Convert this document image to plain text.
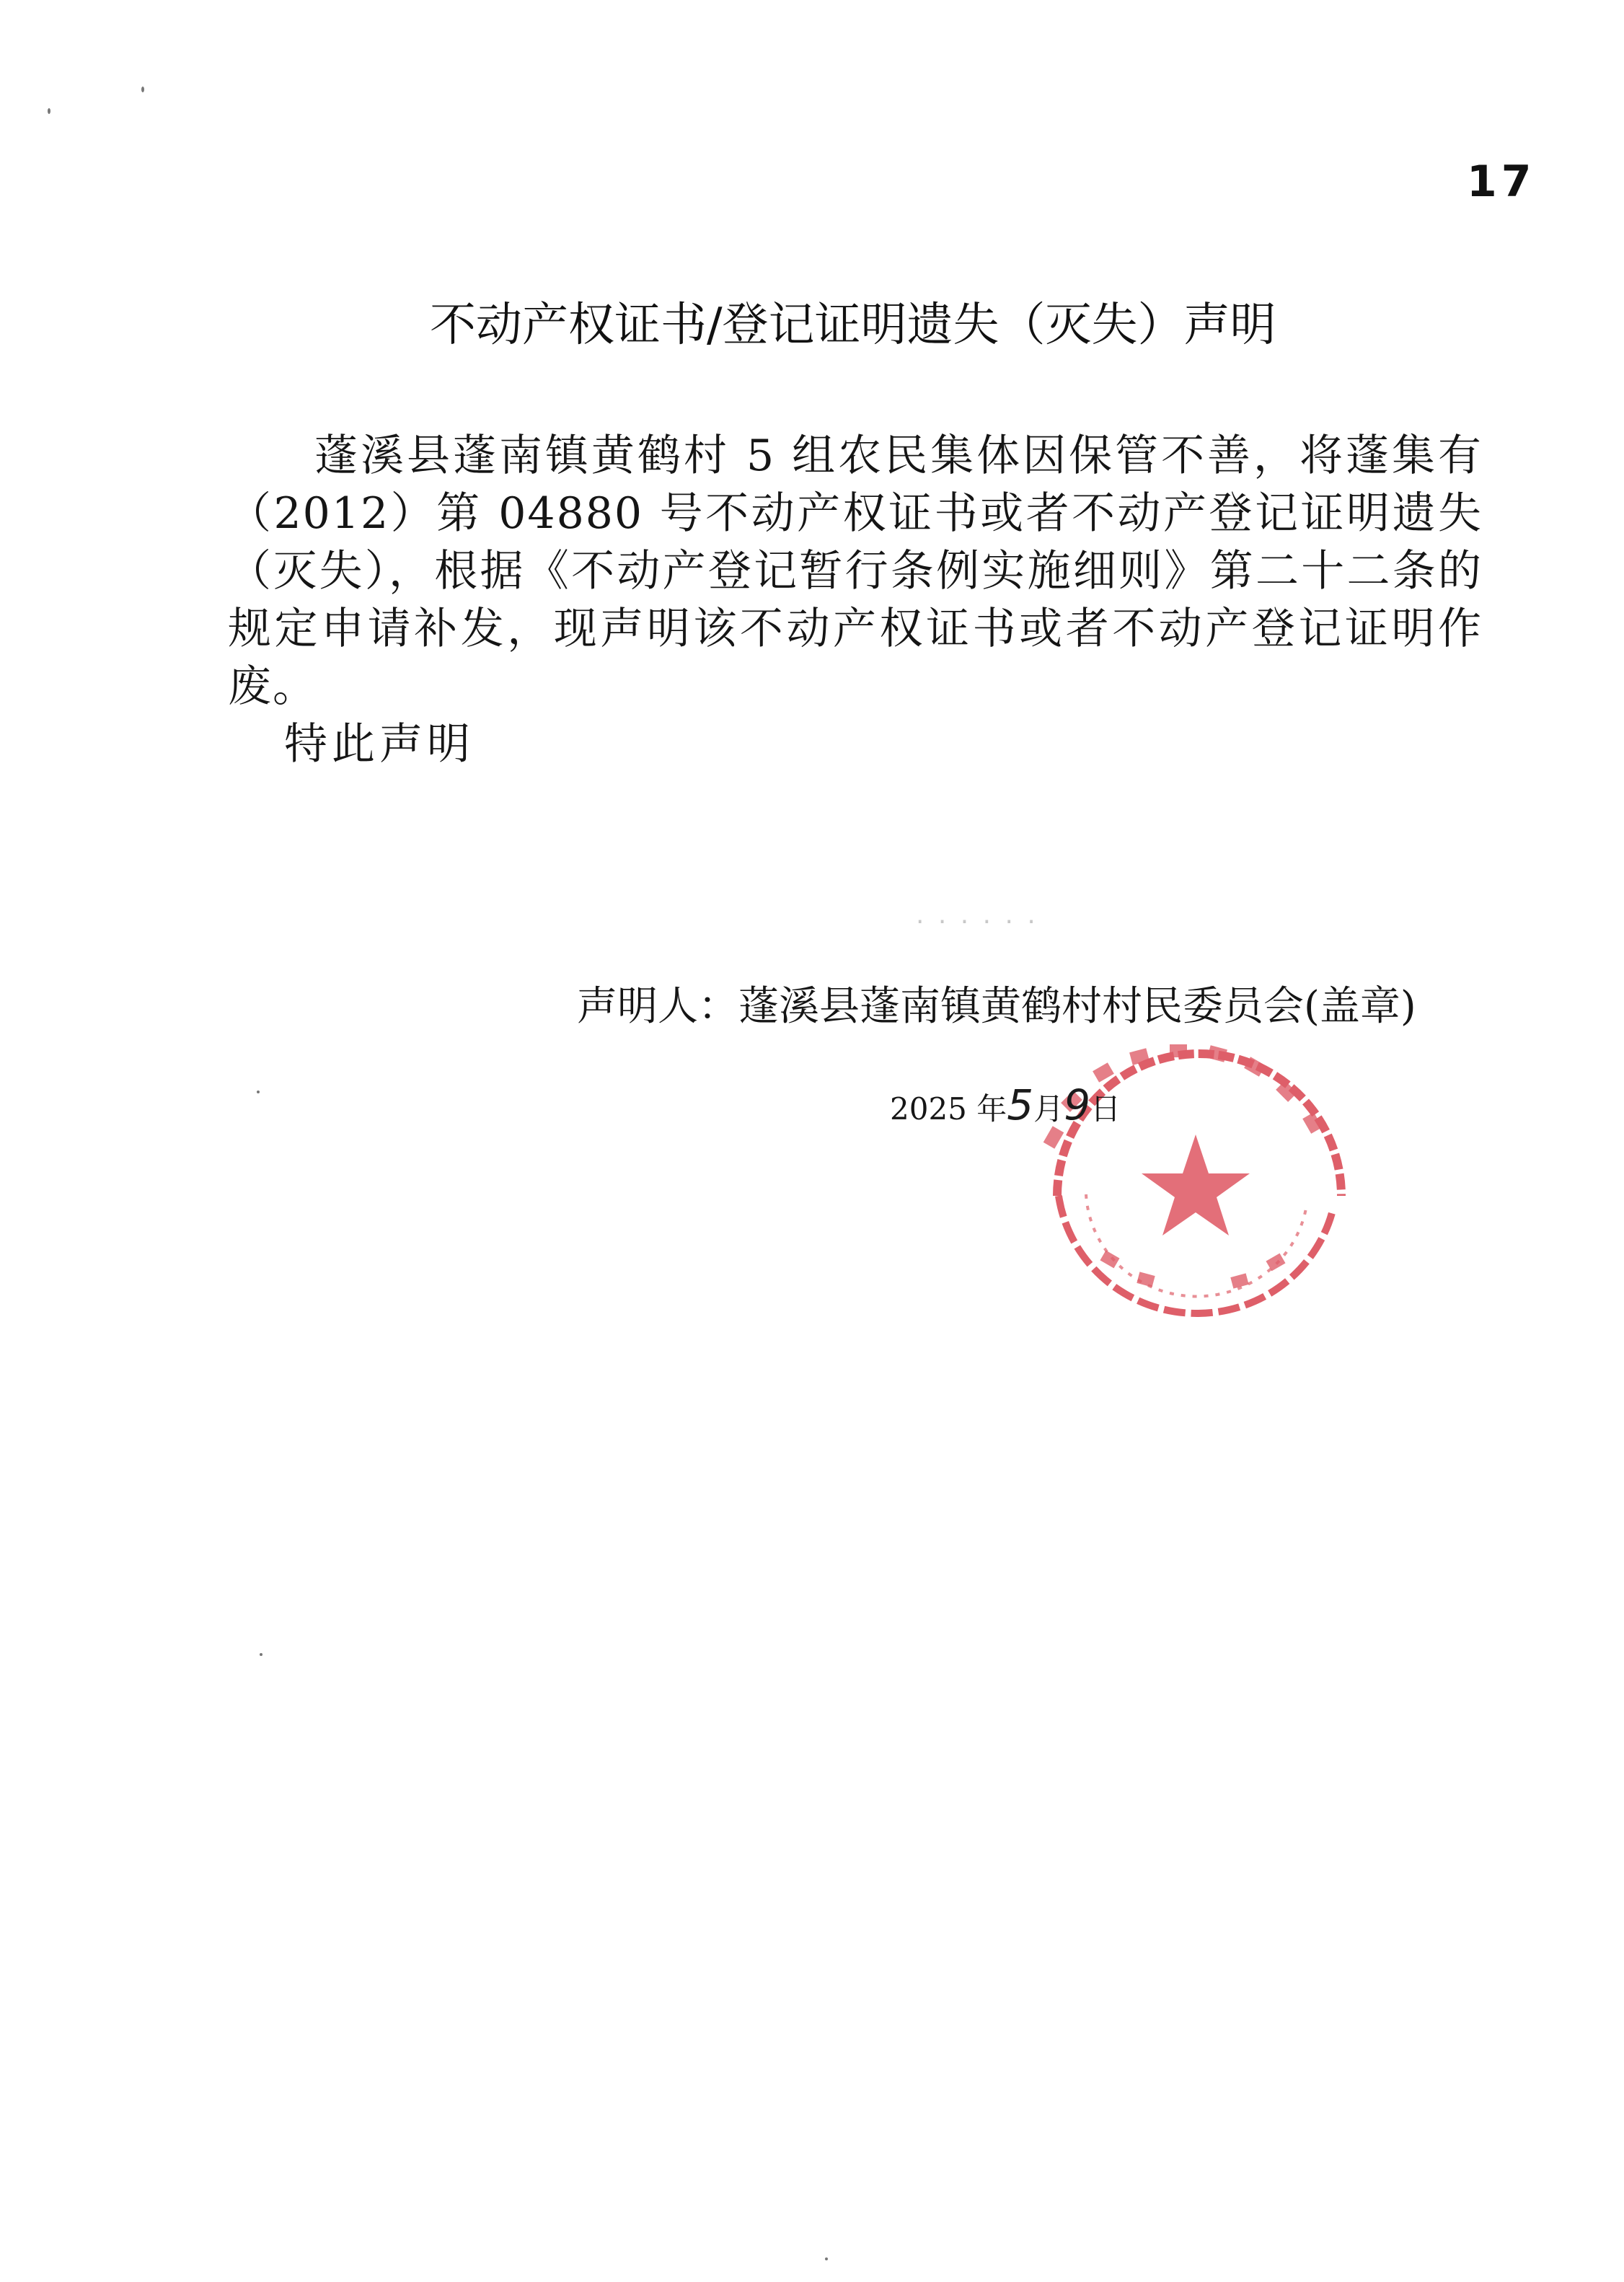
17
不动产权证书/登记证明遗失（灭失）声明
蓬溪县蓬南镇黄鹤村 5 组农民集体因保管不善，将蓬集有（2012）第 04880 号不动产权证书或者不动产登记证明遗失（灭失），根据《不动产登记暂行条例实施细则》第二十二条的规定申请补发，现声明该不动产权证书或者不动产登记证明作废。
特此声明
· · · · · ·
声明人：蓬溪县蓬南镇黄鹤村村民委员会(盖章)
2025 年5月9日
